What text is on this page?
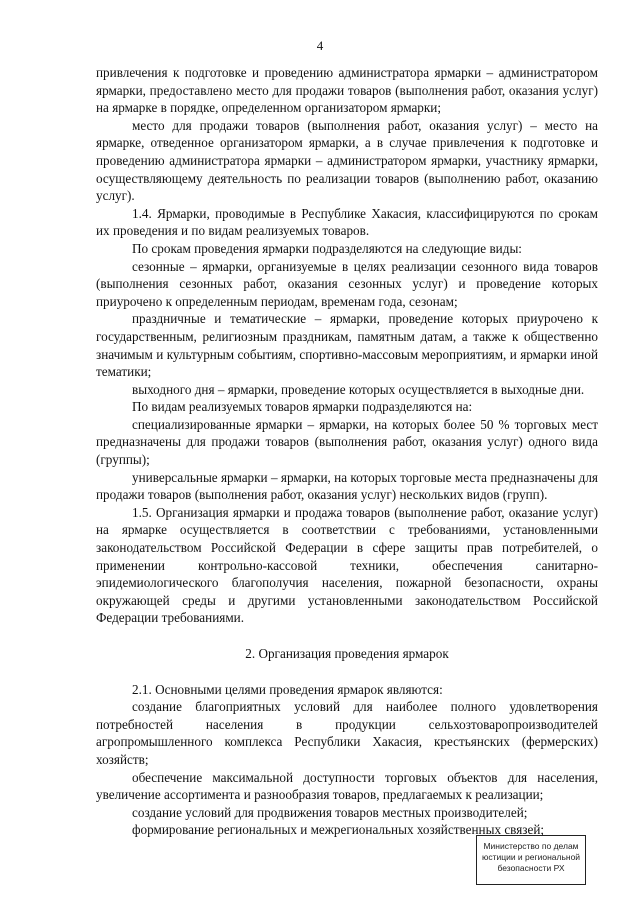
4

привлечения к подготовке и проведению администратора ярмарки – администратором ярмарки, предоставлено место для продажи товаров (выполнения работ, оказания услуг) на ярмарке в порядке, определенном организатором ярмарки;

место для продажи товаров (выполнения работ, оказания услуг) – место на ярмарке, отведенное организатором ярмарки, а в случае привлечения к подготовке и проведению администратора ярмарки – администратором ярмарки, участнику ярмарки, осуществляющему деятельность по реализации товаров (выполнению работ, оказанию услуг).

1.4. Ярмарки, проводимые в Республике Хакасия, классифицируются по срокам их проведения и по видам реализуемых товаров.

По срокам проведения ярмарки подразделяются на следующие виды:

сезонные – ярмарки, организуемые в целях реализации сезонного вида товаров (выполнения сезонных работ, оказания сезонных услуг) и проведение которых приурочено к определенным периодам, временам года, сезонам;

праздничные и тематические – ярмарки, проведение которых приурочено к государственным, религиозным праздникам, памятным датам, а также к общественно значимым и культурным событиям, спортивно-массовым мероприятиям, и ярмарки иной тематики;

выходного дня – ярмарки, проведение которых осуществляется в выходные дни.

По видам реализуемых товаров ярмарки подразделяются на:

специализированные ярмарки – ярмарки, на которых более 50 % торговых мест предназначены для продажи товаров (выполнения работ, оказания услуг) одного вида (группы);

универсальные ярмарки – ярмарки, на которых торговые места предназначены для продажи товаров (выполнения работ, оказания услуг) нескольких видов (групп).

1.5. Организация ярмарки и продажа товаров (выполнение работ, оказание услуг) на ярмарке осуществляется в соответствии с требованиями, установленными законодательством Российской Федерации в сфере защиты прав потребителей, о применении контрольно-кассовой техники, обеспечения санитарно-эпидемиологического благополучия населения, пожарной безопасности, охраны окружающей среды и другими установленными законодательством Российской Федерации требованиями.

2. Организация проведения ярмарок

2.1. Основными целями проведения ярмарок являются:

создание благоприятных условий для наиболее полного удовлетворения потребностей населения в продукции сельхозтоваропроизводителей агропромышленного комплекса Республики Хакасия, крестьянских (фермерских) хозяйств;

обеспечение максимальной доступности торговых объектов для населения, увеличение ассортимента и разнообразия товаров, предлагаемых к реализации;

создание условий для продвижения товаров местных производителей;

формирование региональных и межрегиональных хозяйственных связей;

Министерство по делам
юстиции и региональной
безопасности РХ
